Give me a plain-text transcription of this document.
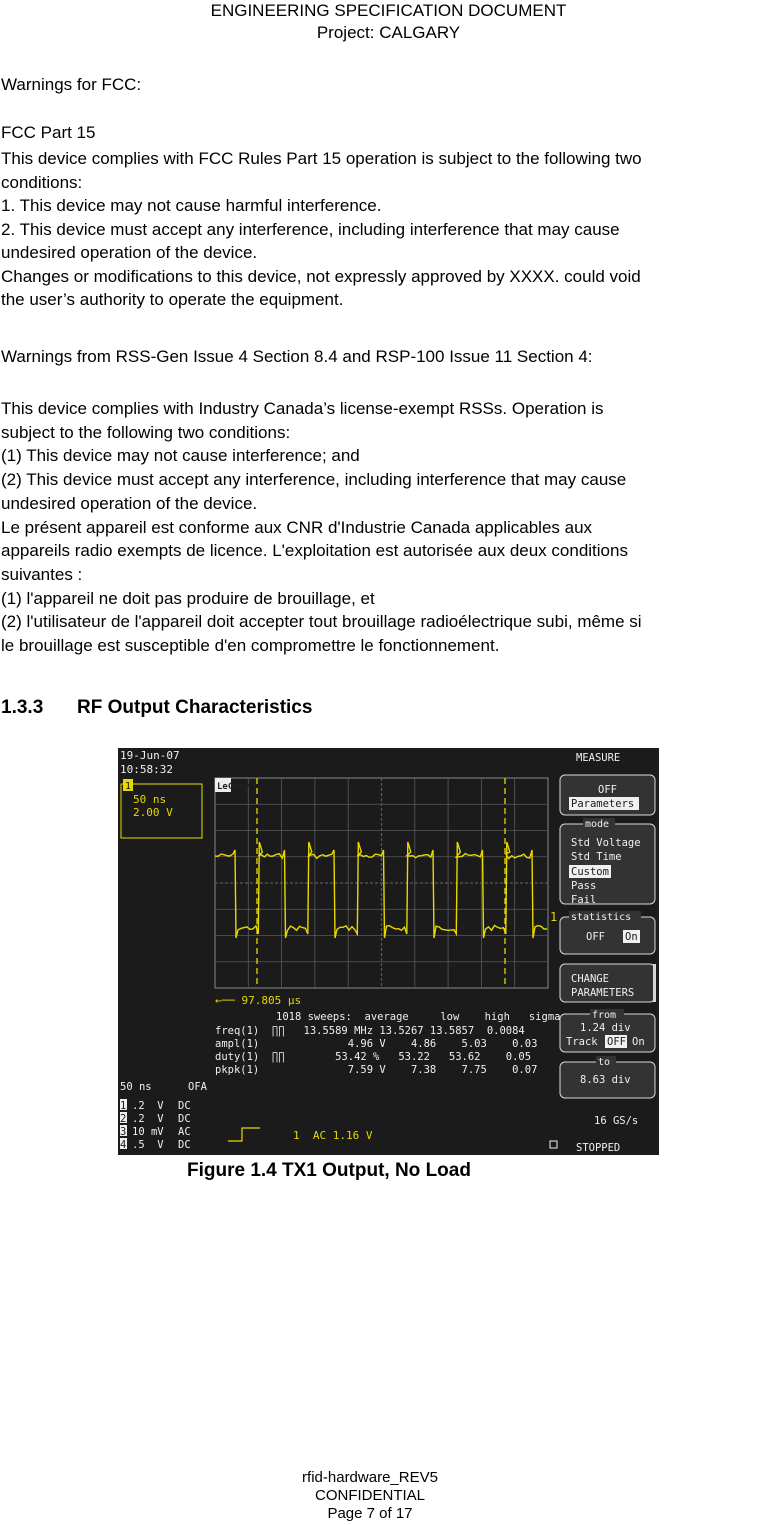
ENGINEERING SPECIFICATION DOCUMENT
Project: CALGARY
Warnings for FCC:
FCC Part 15
This device complies with FCC Rules Part 15 operation is subject to the following two
conditions:
1. This device may not cause harmful interference.
2. This device must accept any interference, including interference that may cause
undesired operation of the device.
Changes or modifications to this device, not expressly approved by XXXX. could void
the user’s authority to operate the equipment.
Warnings from RSS-Gen Issue 4 Section 8.4 and RSP-100 Issue 11 Section 4:
This device complies with Industry Canada’s license-exempt RSSs. Operation is
subject to the following two conditions:
(1) This device may not cause interference; and
(2) This device must accept any interference, including interference that may cause
undesired operation of the device.
Le présent appareil est conforme aux CNR d'Industrie Canada applicables aux
appareils radio exempts de licence. L'exploitation est autorisée aux deux conditions
suivantes :
(1) l'appareil ne doit pas produire de brouillage, et
(2) l'utilisateur de l'appareil doit accepter tout brouillage radioélectrique subi, même si
le brouillage est susceptible d'en compromettre le fonctionnement.
1.3.3 RF Output Characteristics
19-Jun-07
10:58:32
1
50 ns
2.00 V
LeCroy
1
←── 97.805 μs
1018 sweeps:  average     low    high   sigma
freq(1)  ∏∏   13.5589 MHz 13.5267 13.5857  0.0084
ampl(1)              4.96 V    4.86    5.03    0.03
duty(1)  ∏∏        53.42 %   53.22   53.62    0.05
pkpk(1)              7.59 V    7.38    7.75    0.07
50 ns	OFA
1 .2  V DC
2 .2  V DC
3 10 mV AC
4 .5  V DC
1  AC 1.16 V
MEASURE
OFF
Parameters
mode
Std Voltage
Std Time
Custom
Pass
Fail
statistics
OFF On
CHANGE
PARAMETERS
from
1.24 div
Track OFF On
to
8.63 div
16 GS/s
STOPPED
Figure 1.4 TX1 Output, No Load
rfid-hardware_REV5
CONFIDENTIAL
Page 7 of 17
